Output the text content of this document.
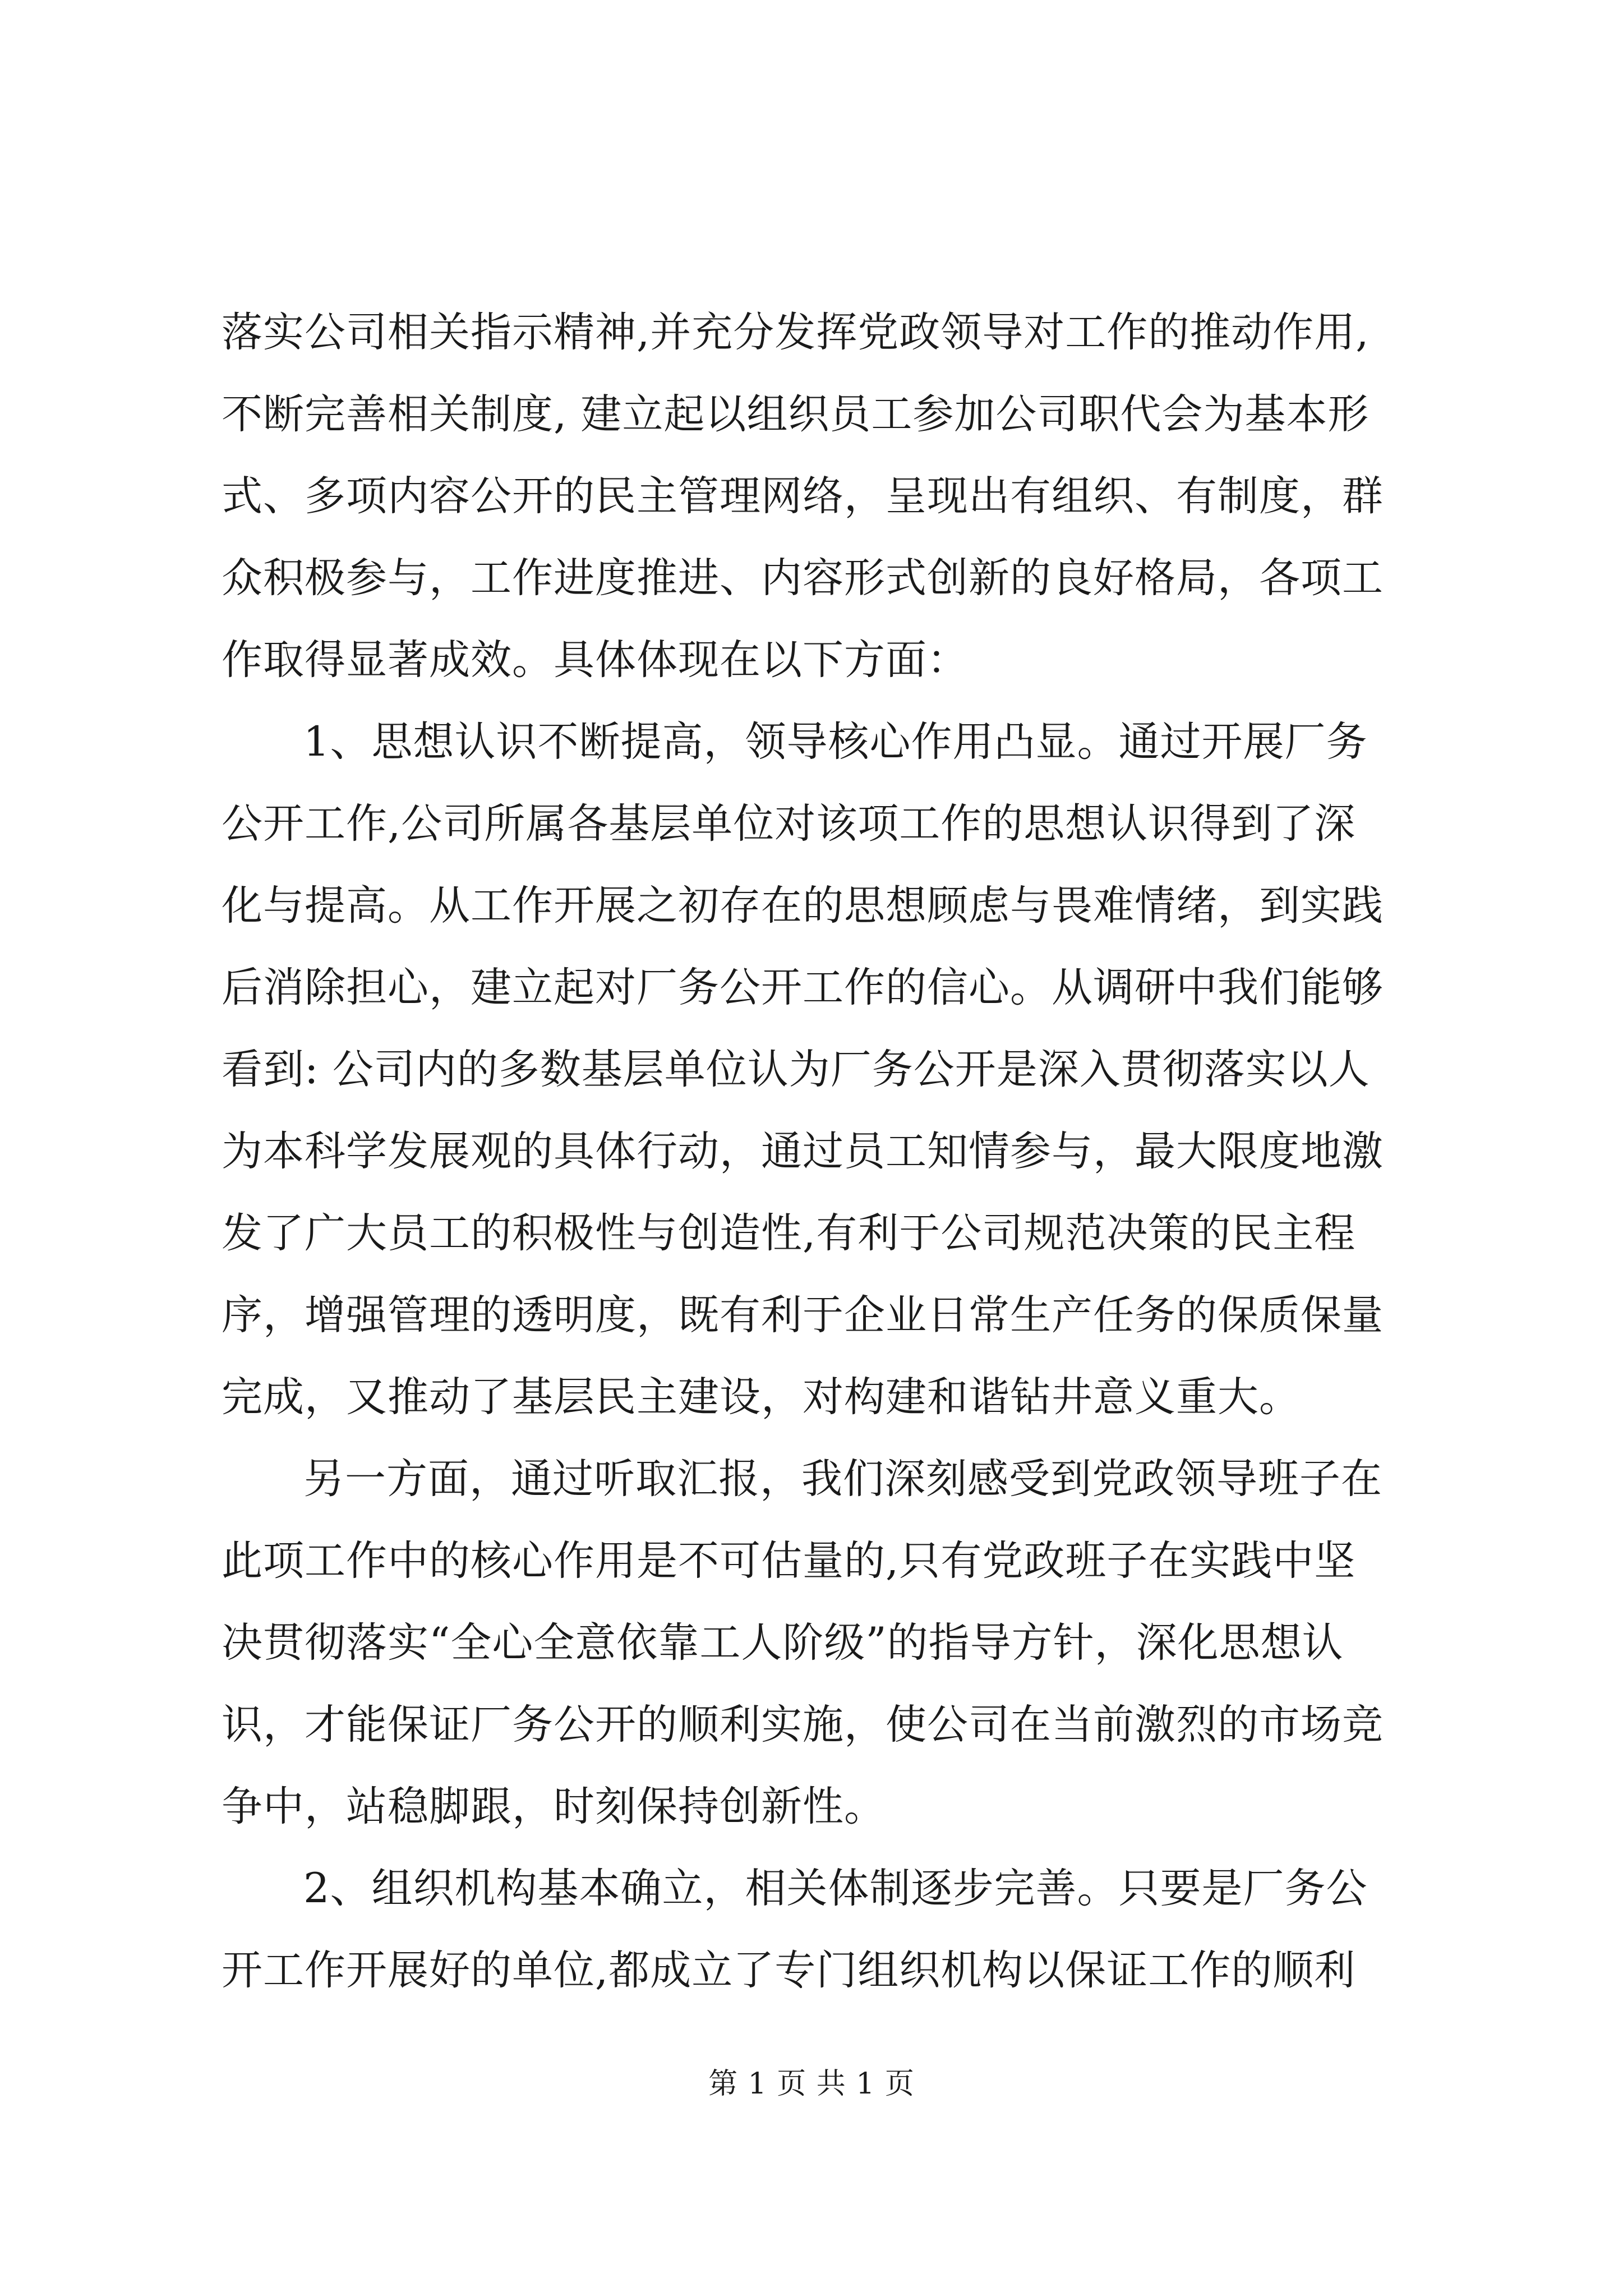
落实公司相关指示精神,并充分发挥党政领导对工作的推动作用,
不断完善相关制度, 建立起以组织员工参加公司职代会为基本形
式、多项内容公开的民主管理网络，呈现出有组织、有制度，群
众积极参与，工作进度推进、内容形式创新的良好格局，各项工
作取得显著成效。具体体现在以下方面：
1、思想认识不断提高，领导核心作用凸显。通过开展厂务
公开工作,公司所属各基层单位对该项工作的思想认识得到了深
化与提高。从工作开展之初存在的思想顾虑与畏难情绪，到实践
后消除担心，建立起对厂务公开工作的信心。从调研中我们能够
看到: 公司内的多数基层单位认为厂务公开是深入贯彻落实以人
为本科学发展观的具体行动，通过员工知情参与，最大限度地激
发了广大员工的积极性与创造性,有利于公司规范决策的民主程
序，增强管理的透明度，既有利于企业日常生产任务的保质保量
完成，又推动了基层民主建设，对构建和谐钻井意义重大。
另一方面，通过听取汇报，我们深刻感受到党政领导班子在
此项工作中的核心作用是不可估量的,只有党政班子在实践中坚
决贯彻落实“全心全意依靠工人阶级”的指导方针，深化思想认
识，才能保证厂务公开的顺利实施，使公司在当前激烈的市场竞
争中，站稳脚跟，时刻保持创新性。
2、组织机构基本确立，相关体制逐步完善。只要是厂务公
开工作开展好的单位,都成立了专门组织机构以保证工作的顺利
第 1 页 共 1 页
